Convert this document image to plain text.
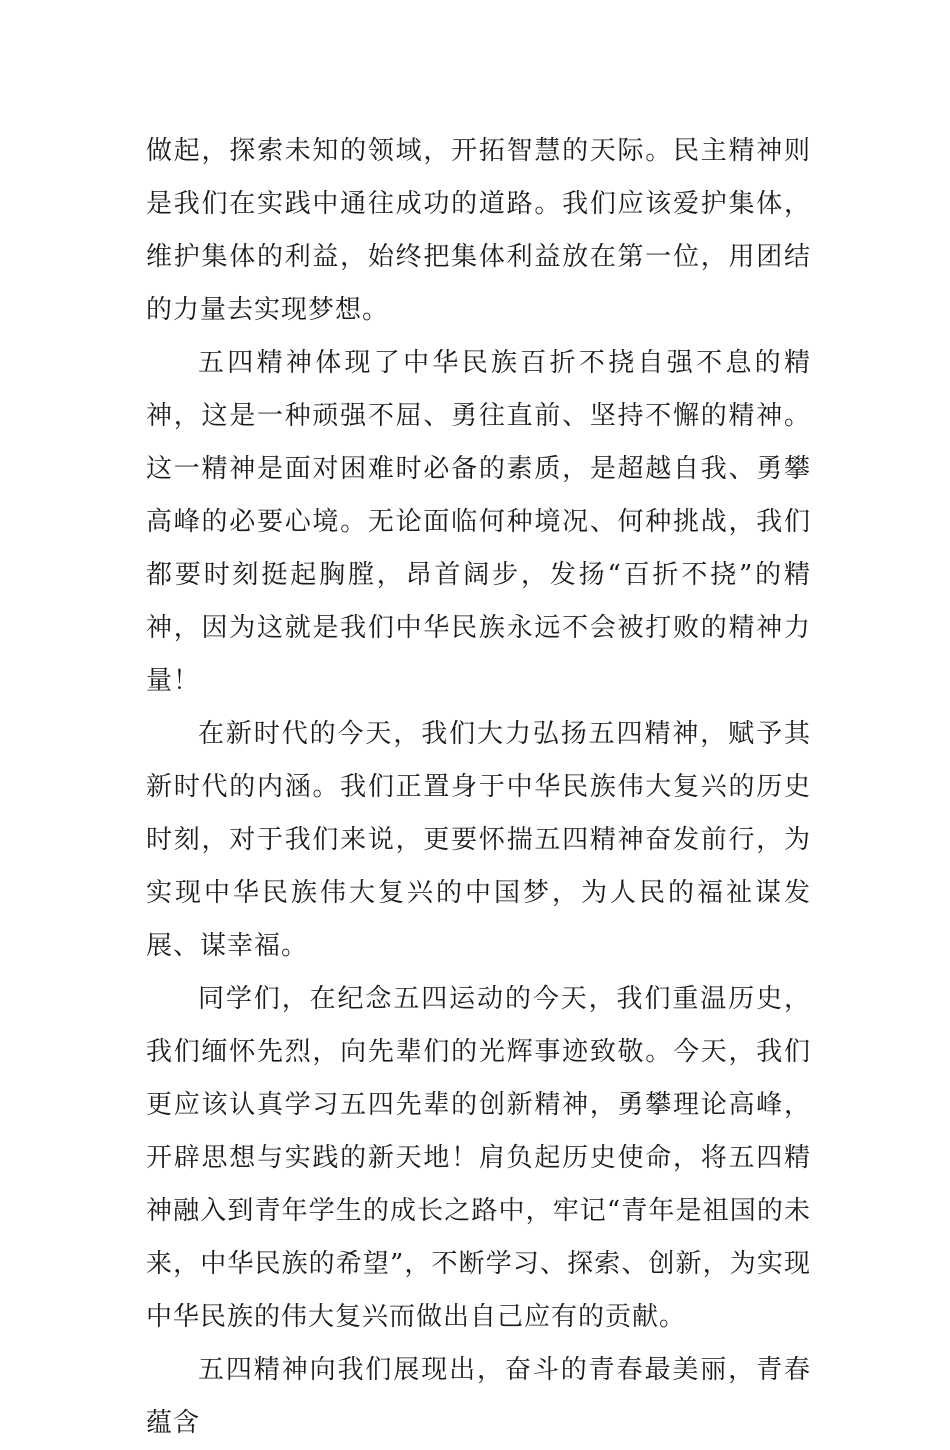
做起，探索未知的领域，开拓智慧的天际。民主精神则是我们在实践中通往成功的道路。我们应该爱护集体，维护集体的利益，始终把集体利益放在第一位，用团结的力量去实现梦想。

五四精神体现了中华民族百折不挠自强不息的精神，这是一种顽强不屈、勇往直前、坚持不懈的精神。这一精神是面对困难时必备的素质，是超越自我、勇攀高峰的必要心境。无论面临何种境况、何种挑战，我们都要时刻挺起胸膛，昂首阔步，发扬“百折不挠”的精神，因为这就是我们中华民族永远不会被打败的精神力量！

在新时代的今天，我们大力弘扬五四精神，赋予其新时代的内涵。我们正置身于中华民族伟大复兴的历史时刻，对于我们来说，更要怀揣五四精神奋发前行，为实现中华民族伟大复兴的中国梦，为人民的福祉谋发展、谋幸福。

同学们，在纪念五四运动的今天，我们重温历史，我们缅怀先烈，向先辈们的光辉事迹致敬。今天，我们更应该认真学习五四先辈的创新精神，勇攀理论高峰，开辟思想与实践的新天地！肩负起历史使命，将五四精神融入到青年学生的成长之路中，牢记“青年是祖国的未来，中华民族的希望”，不断学习、探索、创新，为实现中华民族的伟大复兴而做出自己应有的贡献。

五四精神向我们展现出，奋斗的青春最美丽，青春蕴含
